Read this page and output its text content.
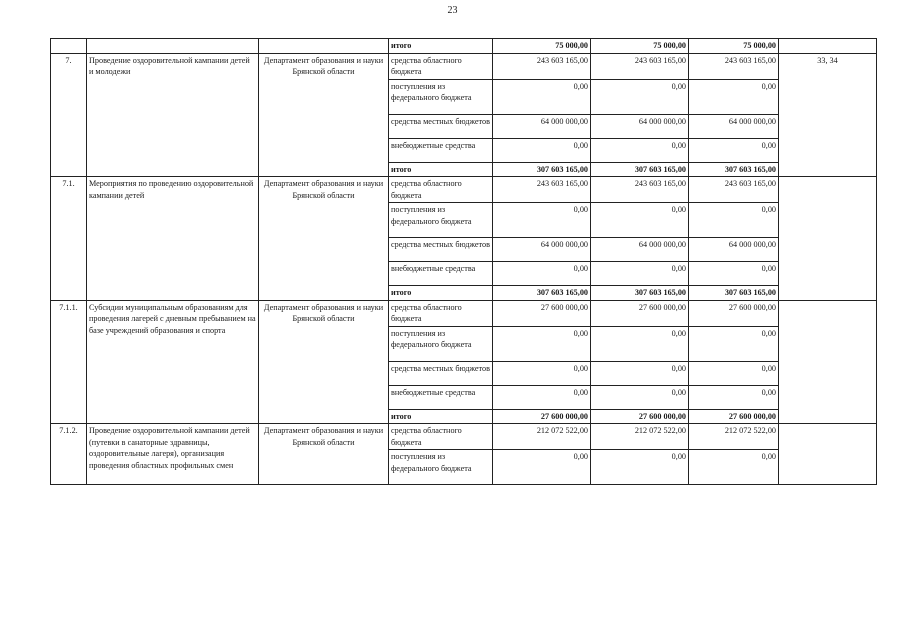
23
			итого	75 000,00	75 000,00	75 000,00	
7.	Проведение оздоровительной кампании детей и молодежи	Департамент образования и науки Брянской области	средства областного бюджета	243 603 165,00	243 603 165,00	243 603 165,00	33, 34
			поступления из федерального бюджета	0,00	0,00	0,00	
			средства местных бюджетов	64 000 000,00	64 000 000,00	64 000 000,00	
			внебюджетные средства	0,00	0,00	0,00	
			итого	307 603 165,00	307 603 165,00	307 603 165,00	
7.1.	Мероприятия по проведению оздоровительной кампании детей	Департамент образования и науки Брянской области	средства областного бюджета	243 603 165,00	243 603 165,00	243 603 165,00	
			поступления из федерального бюджета	0,00	0,00	0,00	
			средства местных бюджетов	64 000 000,00	64 000 000,00	64 000 000,00	
			внебюджетные средства	0,00	0,00	0,00	
			итого	307 603 165,00	307 603 165,00	307 603 165,00	
7.1.1.	Субсидии муниципальным образованиям для проведения лагерей с дневным пребыванием на базе учреждений образования и спорта	Департамент образования и науки Брянской области	средства областного бюджета	27 600 000,00	27 600 000,00	27 600 000,00	
			поступления из федерального бюджета	0,00	0,00	0,00	
			средства местных бюджетов	0,00	0,00	0,00	
			внебюджетные средства	0,00	0,00	0,00	
			итого	27 600 000,00	27 600 000,00	27 600 000,00	
7.1.2.	Проведение оздоровительной кампании детей (путевки в санаторные здравницы, оздоровительные лагеря), организация проведения областных профильных смен	Департамент образования и науки Брянской области	средства областного бюджета	212 072 522,00	212 072 522,00	212 072 522,00	
			поступления из федерального бюджета	0,00	0,00	0,00	
